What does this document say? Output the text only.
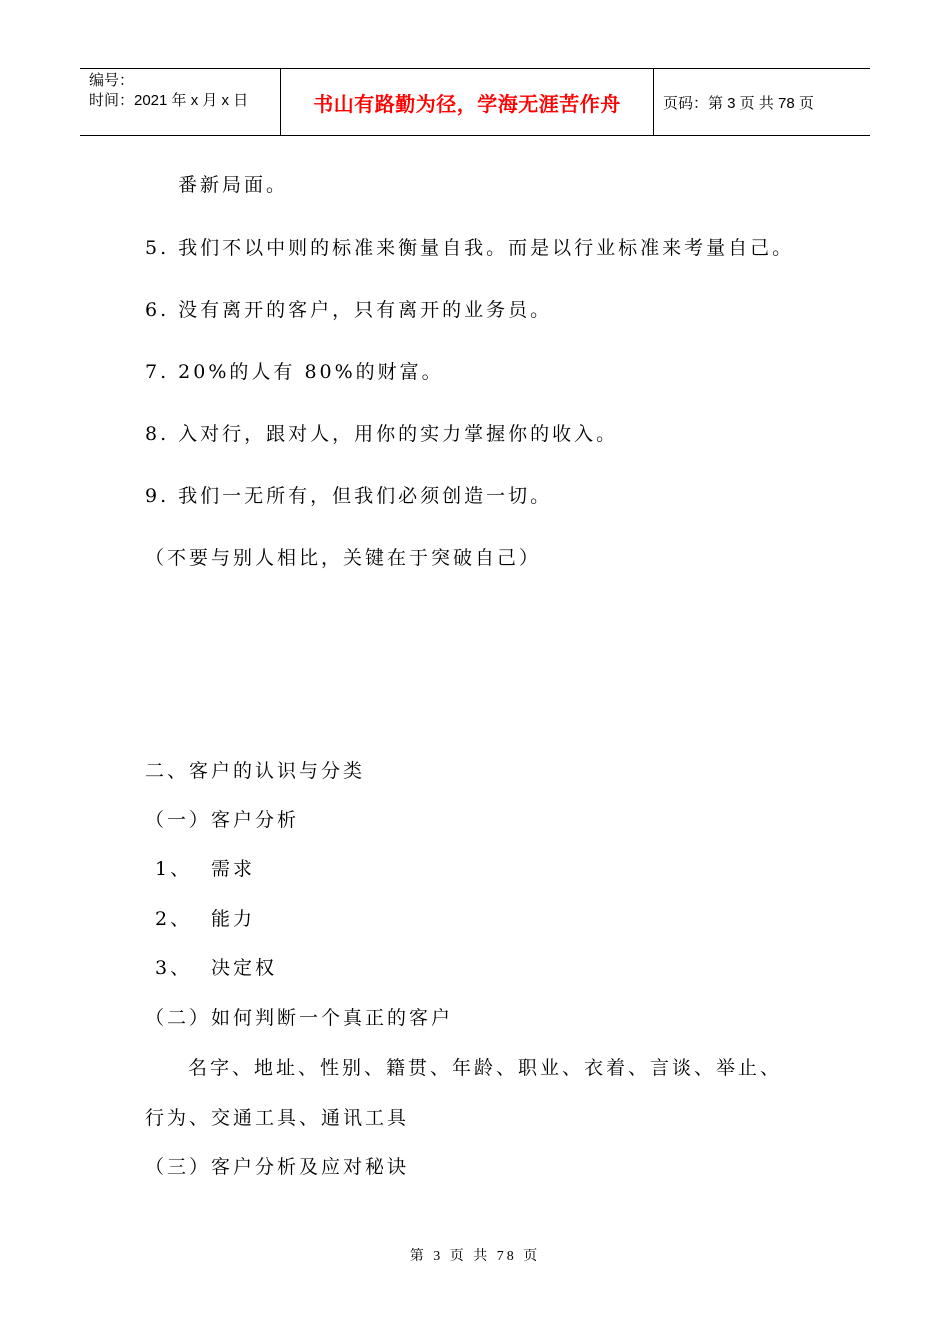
编号：
时间：2021 年 x 月 x 日	书山有路勤为径，学海无涯苦作舟	页码：第 3 页 共 78 页
番新局面。
5. 我们不以中则的标准来衡量自我。而是以行业标准来考量自己。
6. 没有离开的客户，只有离开的业务员。
7. 20%的人有 80%的财富。
8. 入对行，跟对人，用你的实力掌握你的收入。
9. 我们一无所有，但我们必须创造一切。
（不要与别人相比，关键在于突破自己）
二、客户的认识与分类
（一）客户分析
1、 需求
2、 能力
3、 决定权
（二）如何判断一个真正的客户
名字、地址、性别、籍贯、年龄、职业、衣着、言谈、举止、
行为、交通工具、通讯工具
（三）客户分析及应对秘诀
第 3 页 共 78 页
